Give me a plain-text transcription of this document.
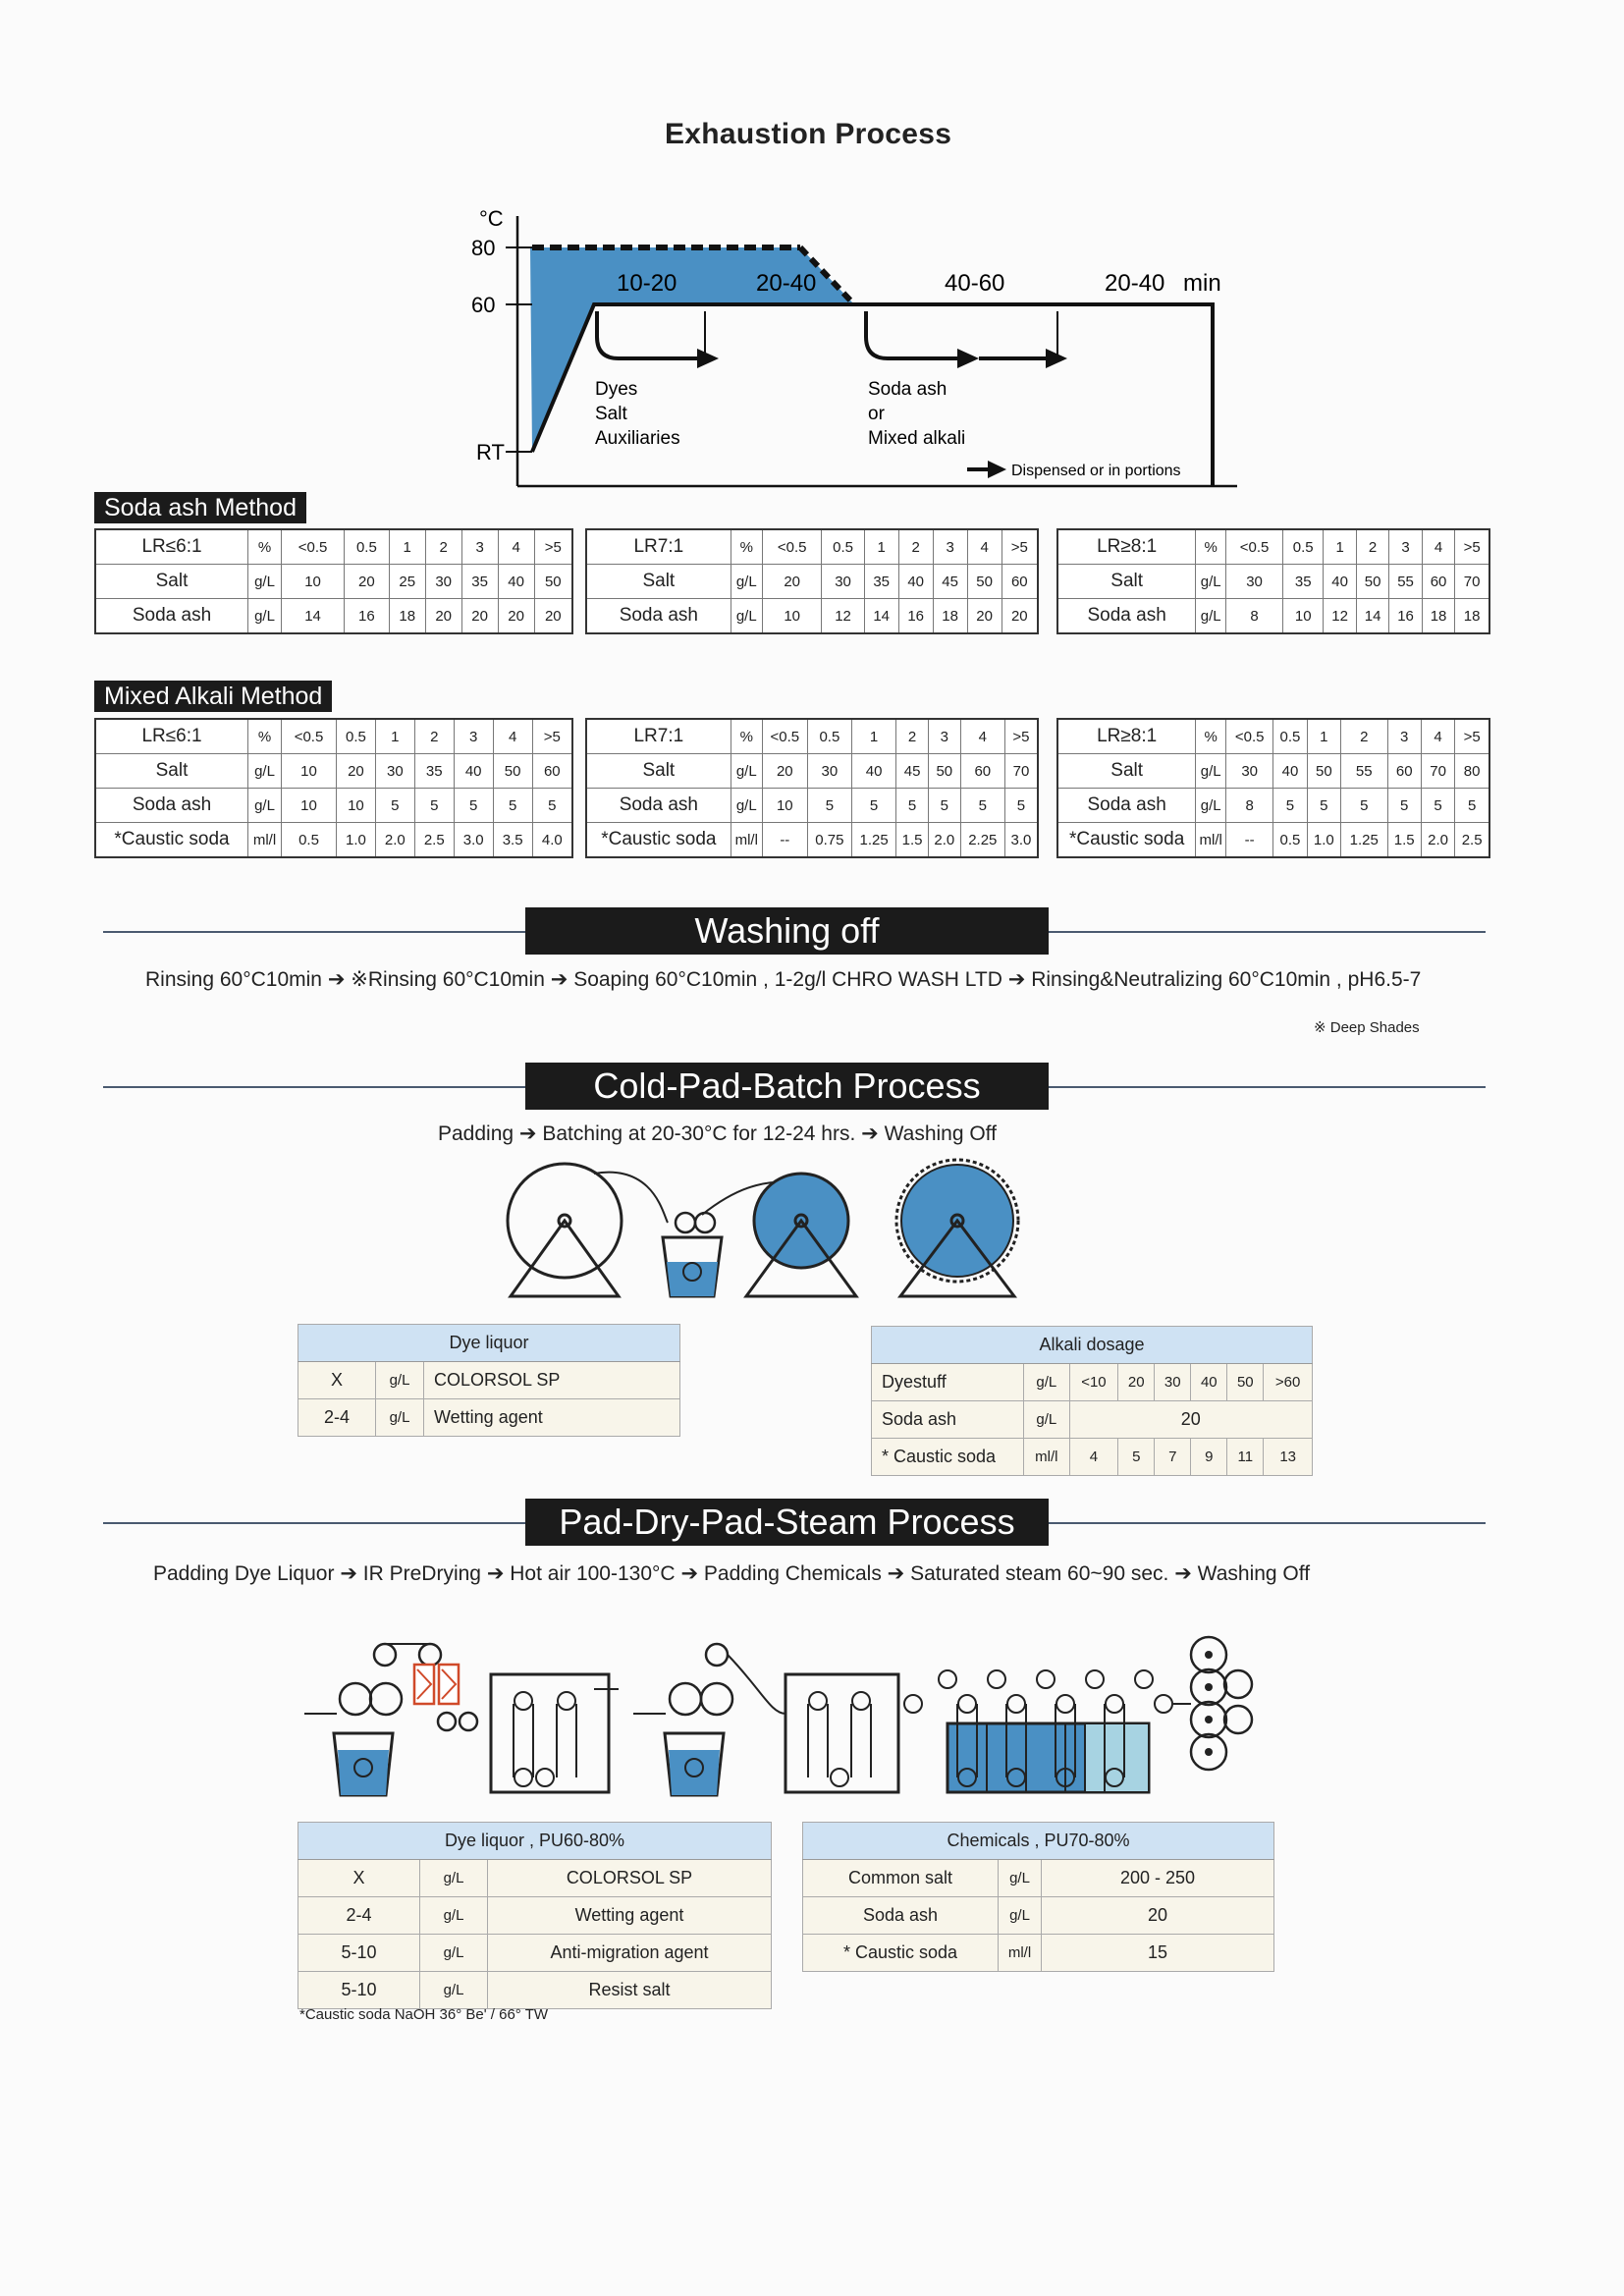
Exhaustion Process
°C
80
60
RT
10-20	20-40	40-60	20-40 min
Dyes
Salt
Auxiliaries
Soda ash
or
Mixed alkali
Dispensed or in portions
Soda ash Method
LR≤6:1	%	<0.5	0.5	1	2	3	4	>5
Salt	g/L	10	20	25	30	35	40	50
Soda ash	g/L	14	16	18	20	20	20	20
LR7:1	%	<0.5	0.5	1	2	3	4	>5
Salt	g/L	20	30	35	40	45	50	60
Soda ash	g/L	10	12	14	16	18	20	20
LR≥8:1	%	<0.5	0.5	1	2	3	4	>5
Salt	g/L	30	35	40	50	55	60	70
Soda ash	g/L	8	10	12	14	16	18	18
LR≤6:1	%	<0.5	0.5	1	2	3	4	>5
Salt	g/L	10	20	30	35	40	50	60
Soda ash	g/L	10	10	5	5	5	5	5
*Caustic soda	ml/l	0.5	1.0	2.0	2.5	3.0	3.5	4.0
LR7:1	%	<0.5	0.5	1	2	3	4	>5
Salt	g/L	20	30	40	45	50	60	70
Soda ash	g/L	10	5	5	5	5	5	5
*Caustic soda	ml/l	--	0.75	1.25	1.5	2.0	2.25	3.0
LR≥8:1	%	<0.5	0.5	1	2	3	4	>5
Salt	g/L	30	40	50	55	60	70	80
Soda ash	g/L	8	5	5	5	5	5	5
*Caustic soda	ml/l	--	0.5	1.0	1.25	1.5	2.0	2.5
Mixed Alkali Method
Washing off
Rinsing 60°C10min ➔ ※Rinsing 60°C10min ➔ Soaping 60°C10min , 1-2g/l CHRO WASH LTD ➔ Rinsing&Neutralizing 60°C10min , pH6.5-7
※ Deep Shades
Cold-Pad-Batch Process
Padding ➔ Batching at 20-30°C for 12-24 hrs. ➔ Washing Off
Dye liquor		
X	g/L	COLORSOL SP
2-4	g/L	Wetting agent
Alkali dosage							
Dyestuff	g/L	<10	20	30	40	50	>60
Soda ash	g/L	20					
* Caustic soda	ml/l	4	5	7	9	11	13
Pad-Dry-Pad-Steam Process
Padding Dye Liquor ➔ IR PreDrying ➔ Hot air 100-130°C ➔ Padding Chemicals ➔ Saturated steam 60~90 sec. ➔ Washing Off
Dye liquor , PU60-80%		
X	g/L	COLORSOL SP
2-4	g/L	Wetting agent
5-10	g/L	Anti-migration agent
5-10	g/L	Resist salt
Chemicals , PU70-80%		
Common salt	g/L	200 - 250
Soda ash	g/L	20
* Caustic soda	ml/l	15
*Caustic soda NaOH 36° Be' / 66° TW
